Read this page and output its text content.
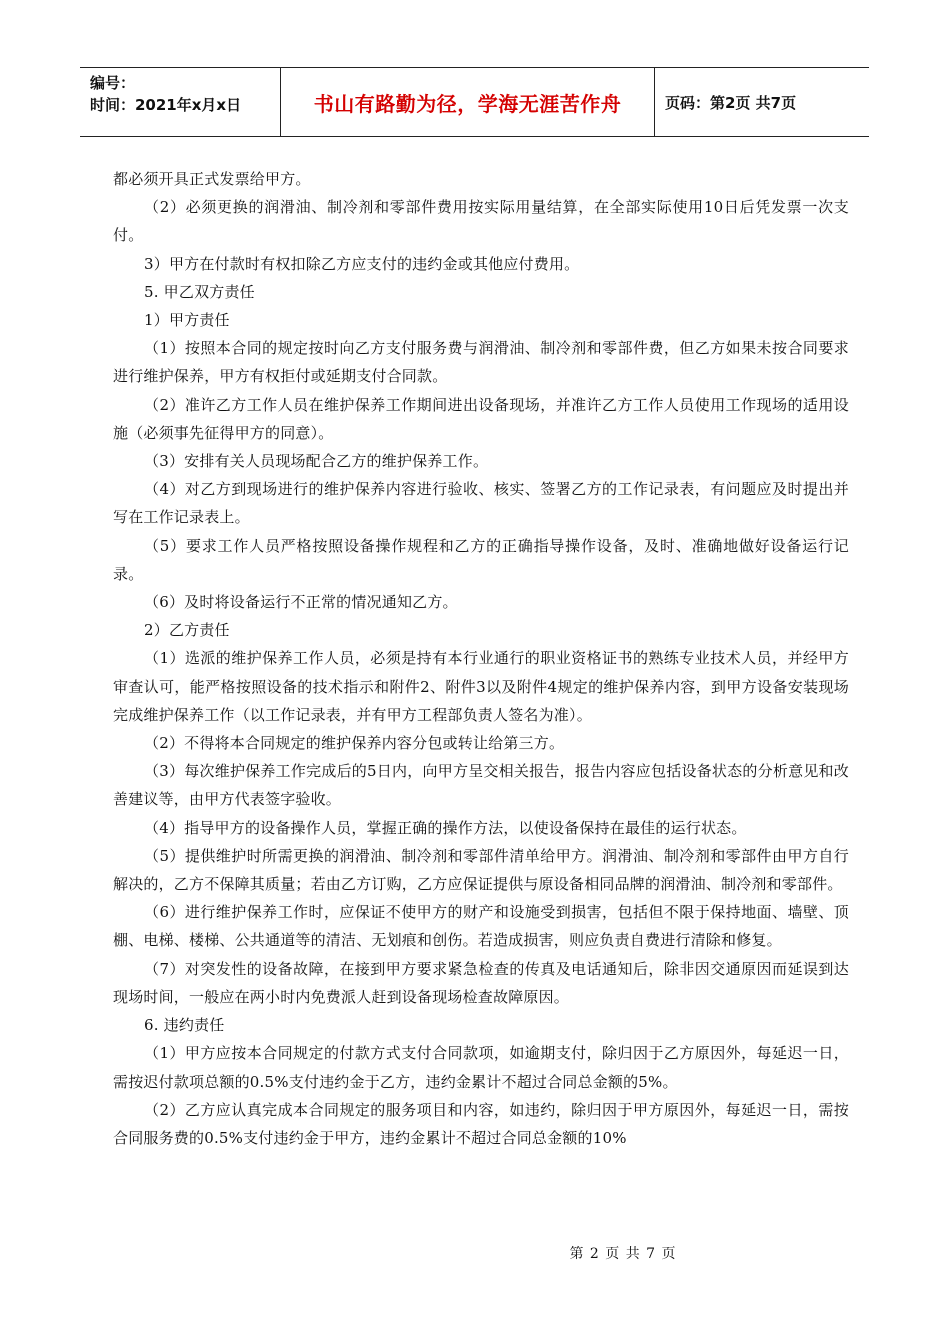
编号：
时间：2021年x月x日	书山有路勤为径，学海无涯苦作舟	页码：第2页 共7页

都必须开具正式发票给甲方。

（2）必须更换的润滑油、制冷剂和零部件费用按实际用量结算，在全部实际使用10日后凭发票一次支付。

3）甲方在付款时有权扣除乙方应支付的违约金或其他应付费用。

5. 甲乙双方责任

1）甲方责任

（1）按照本合同的规定按时向乙方支付服务费与润滑油、制冷剂和零部件费，但乙方如果未按合同要求进行维护保养，甲方有权拒付或延期支付合同款。

（2）准许乙方工作人员在维护保养工作期间进出设备现场，并准许乙方工作人员使用工作现场的适用设施（必须事先征得甲方的同意）。

（3）安排有关人员现场配合乙方的维护保养工作。

（4）对乙方到现场进行的维护保养内容进行验收、核实、签署乙方的工作记录表，有问题应及时提出并写在工作记录表上。

（5）要求工作人员严格按照设备操作规程和乙方的正确指导操作设备，及时、准确地做好设备运行记录。

（6）及时将设备运行不正常的情况通知乙方。

2）乙方责任

（1）选派的维护保养工作人员，必须是持有本行业通行的职业资格证书的熟练专业技术人员，并经甲方审查认可，能严格按照设备的技术指示和附件2、附件3以及附件4规定的维护保养内容，到甲方设备安装现场完成维护保养工作（以工作记录表，并有甲方工程部负责人签名为准）。

（2）不得将本合同规定的维护保养内容分包或转让给第三方。

（3）每次维护保养工作完成后的5日内，向甲方呈交相关报告，报告内容应包括设备状态的分析意见和改善建议等，由甲方代表签字验收。

（4）指导甲方的设备操作人员，掌握正确的操作方法，以使设备保持在最佳的运行状态。

（5）提供维护时所需更换的润滑油、制冷剂和零部件清单给甲方。润滑油、制冷剂和零部件由甲方自行解决的，乙方不保障其质量；若由乙方订购，乙方应保证提供与原设备相同品牌的润滑油、制冷剂和零部件。

（6）进行维护保养工作时，应保证不使甲方的财产和设施受到损害，包括但不限于保持地面、墙壁、顶棚、电梯、楼梯、公共通道等的清洁、无划痕和创伤。若造成损害，则应负责自费进行清除和修复。

（7）对突发性的设备故障，在接到甲方要求紧急检查的传真及电话通知后，除非因交通原因而延误到达现场时间，一般应在两小时内免费派人赶到设备现场检查故障原因。

6. 违约责任

（1）甲方应按本合同规定的付款方式支付合同款项，如逾期支付，除归因于乙方原因外，每延迟一日，需按迟付款项总额的0.5%支付违约金于乙方，违约金累计不超过合同总金额的5%。

（2）乙方应认真完成本合同规定的服务项目和内容，如违约，除归因于甲方原因外，每延迟一日，需按合同服务费的0.5%支付违约金于甲方，违约金累计不超过合同总金额的10%

第 2 页 共 7 页
